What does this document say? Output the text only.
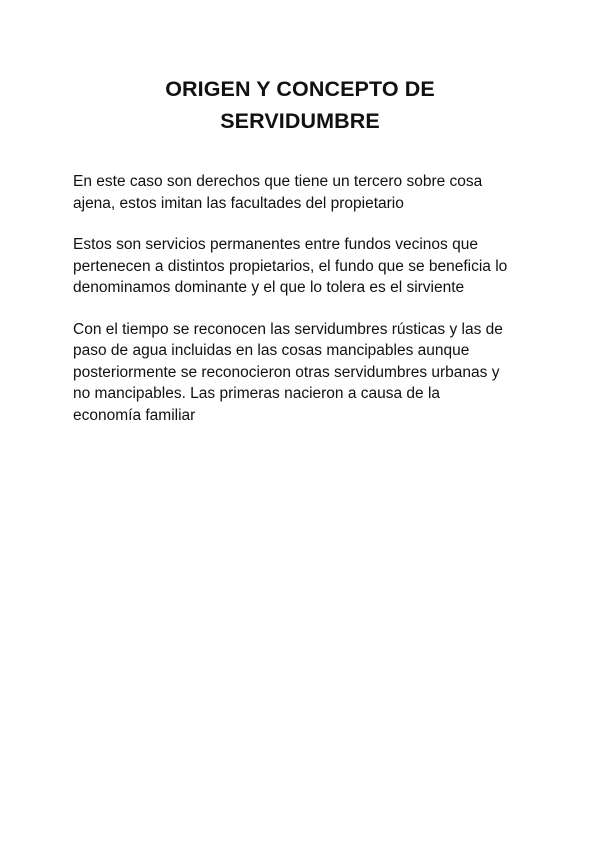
ORIGEN Y CONCEPTO DE
SERVIDUMBRE

En este caso son derechos que tiene un tercero sobre cosa
ajena, estos imitan las facultades del propietario

Estos son servicios permanentes entre fundos vecinos que
pertenecen a distintos propietarios, el fundo que se beneficia lo
denominamos dominante y el que lo tolera es el sirviente

Con el tiempo se reconocen las servidumbres rústicas y las de
paso de agua incluidas en las cosas mancipables aunque
posteriormente se reconocieron otras servidumbres urbanas y
no mancipables. Las primeras nacieron a causa de la
economía familiar
